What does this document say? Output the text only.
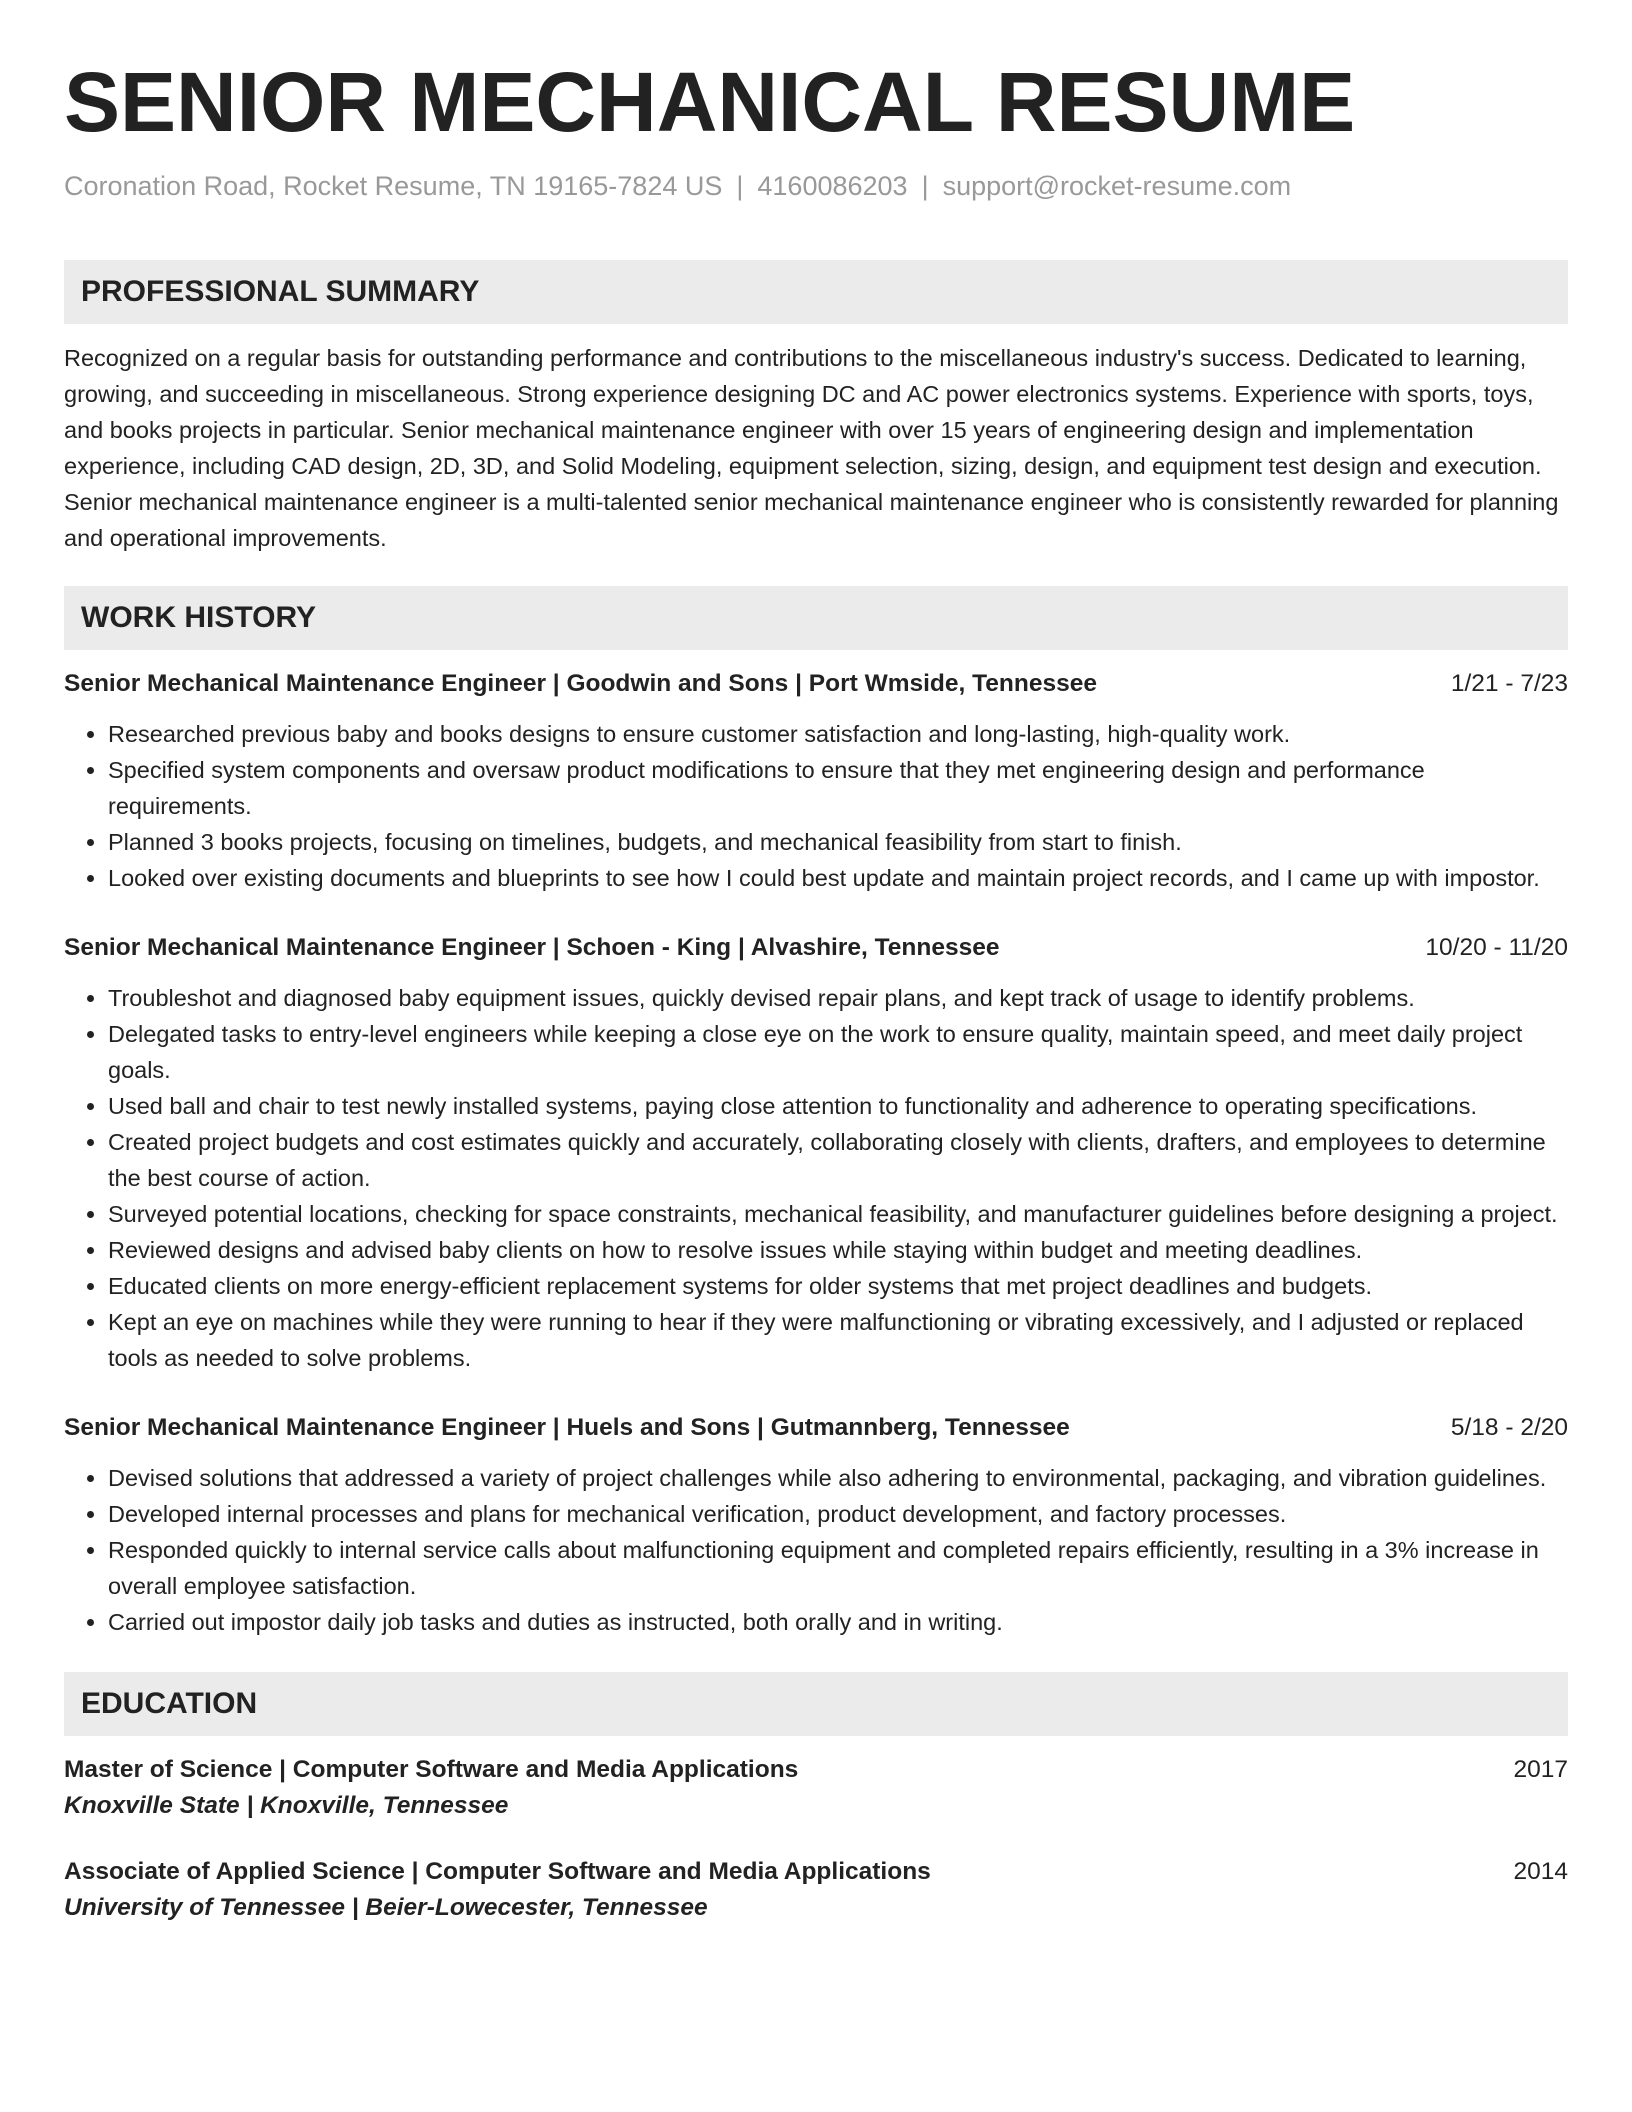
SENIOR MECHANICAL RESUME
Coronation Road, Rocket Resume, TN 19165-7824 US | 4160086203 | support@rocket-resume.com
PROFESSIONAL SUMMARY
Recognized on a regular basis for outstanding performance and contributions to the miscellaneous industry's success. Dedicated to learning, growing, and succeeding in miscellaneous. Strong experience designing DC and AC power electronics systems. Experience with sports, toys, and books projects in particular. Senior mechanical maintenance engineer with over 15 years of engineering design and implementation experience, including CAD design, 2D, 3D, and Solid Modeling, equipment selection, sizing, design, and equipment test design and execution. Senior mechanical maintenance engineer is a multi-talented senior mechanical maintenance engineer who is consistently rewarded for planning and operational improvements.
WORK HISTORY
Senior Mechanical Maintenance Engineer | Goodwin and Sons | Port Wmside, Tennessee	1/21 - 7/23
• Researched previous baby and books designs to ensure customer satisfaction and long-lasting, high-quality work.
• Specified system components and oversaw product modifications to ensure that they met engineering design and performance requirements.
• Planned 3 books projects, focusing on timelines, budgets, and mechanical feasibility from start to finish.
• Looked over existing documents and blueprints to see how I could best update and maintain project records, and I came up with impostor.
Senior Mechanical Maintenance Engineer | Schoen - King | Alvashire, Tennessee	10/20 - 11/20
• Troubleshot and diagnosed baby equipment issues, quickly devised repair plans, and kept track of usage to identify problems.
• Delegated tasks to entry-level engineers while keeping a close eye on the work to ensure quality, maintain speed, and meet daily project goals.
• Used ball and chair to test newly installed systems, paying close attention to functionality and adherence to operating specifications.
• Created project budgets and cost estimates quickly and accurately, collaborating closely with clients, drafters, and employees to determine the best course of action.
• Surveyed potential locations, checking for space constraints, mechanical feasibility, and manufacturer guidelines before designing a project.
• Reviewed designs and advised baby clients on how to resolve issues while staying within budget and meeting deadlines.
• Educated clients on more energy-efficient replacement systems for older systems that met project deadlines and budgets.
• Kept an eye on machines while they were running to hear if they were malfunctioning or vibrating excessively, and I adjusted or replaced tools as needed to solve problems.
Senior Mechanical Maintenance Engineer | Huels and Sons | Gutmannberg, Tennessee	5/18 - 2/20
• Devised solutions that addressed a variety of project challenges while also adhering to environmental, packaging, and vibration guidelines.
• Developed internal processes and plans for mechanical verification, product development, and factory processes.
• Responded quickly to internal service calls about malfunctioning equipment and completed repairs efficiently, resulting in a 3% increase in overall employee satisfaction.
• Carried out impostor daily job tasks and duties as instructed, both orally and in writing.
EDUCATION
Master of Science | Computer Software and Media Applications	2017
Knoxville State | Knoxville, Tennessee
Associate of Applied Science | Computer Software and Media Applications	2014
University of Tennessee | Beier-Lowecester, Tennessee
